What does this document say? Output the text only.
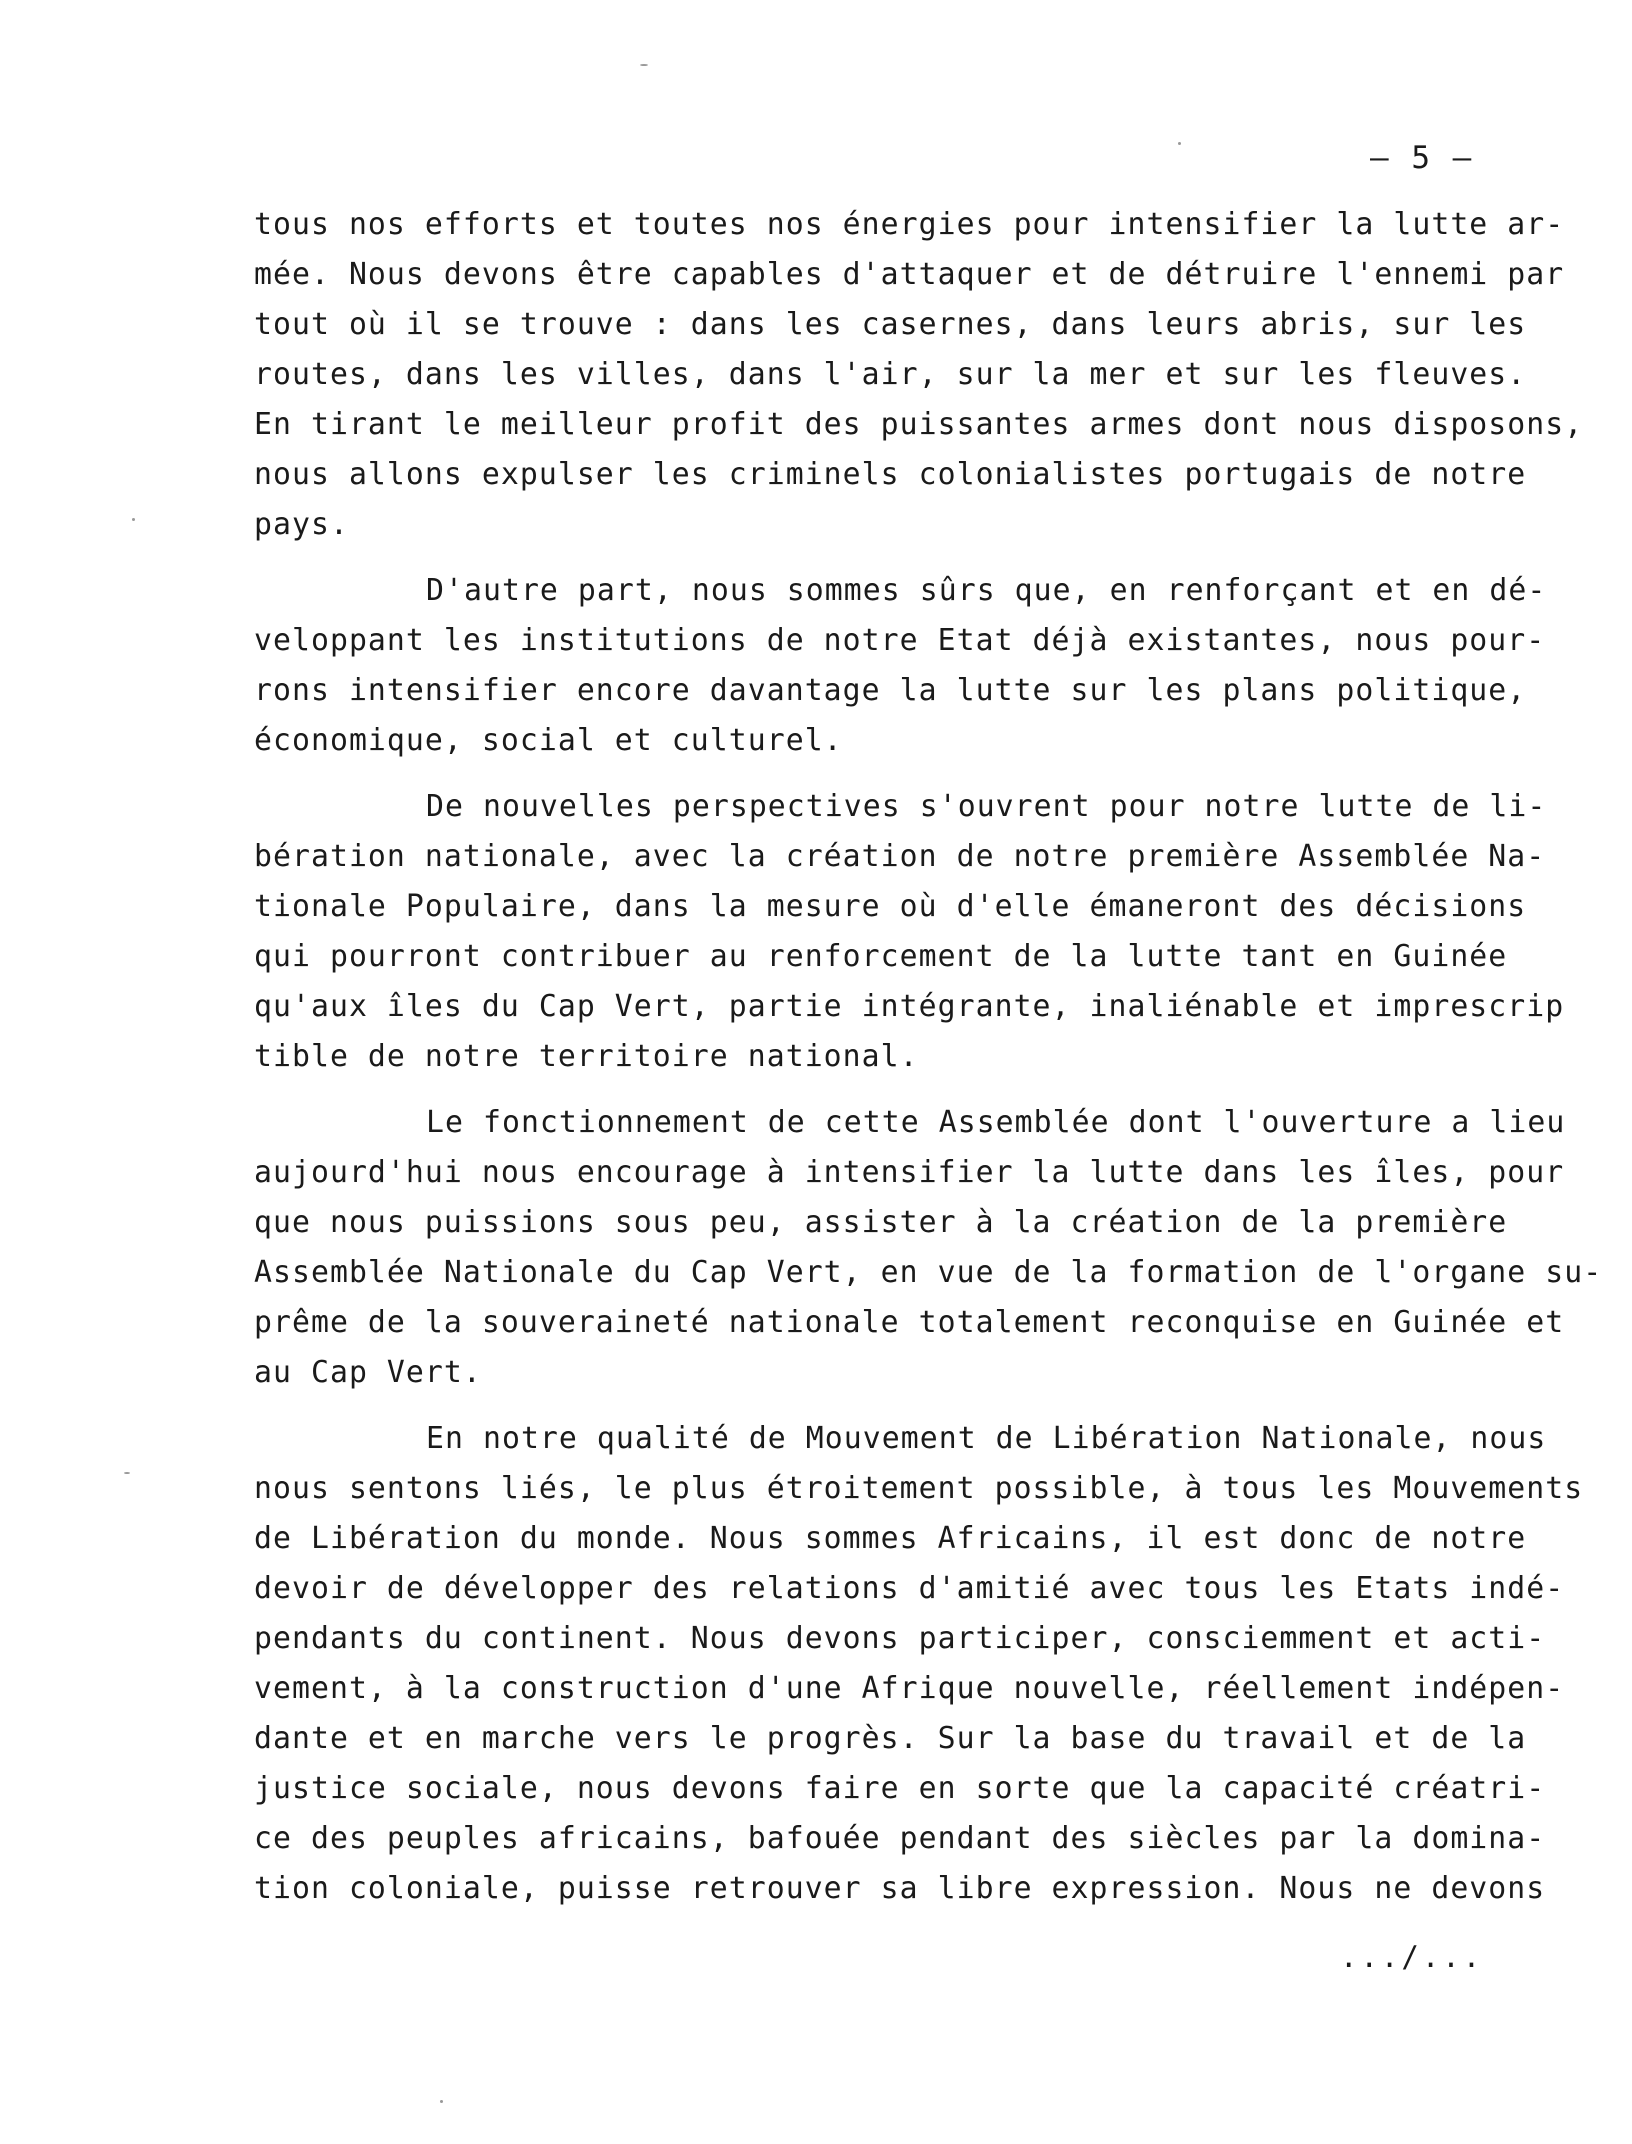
– 5 –
tous nos efforts et toutes nos énergies pour intensifier la lutte ar-
mée. Nous devons être capables d'attaquer et de détruire l'ennemi par
tout où il se trouve : dans les casernes, dans leurs abris, sur les
routes, dans les villes, dans l'air, sur la mer et sur les fleuves.
En tirant le meilleur profit des puissantes armes dont nous disposons,
nous allons expulser les criminels colonialistes portugais de notre
pays.
D'autre part, nous sommes sûrs que, en renforçant et en dé-
veloppant les institutions de notre Etat déjà existantes, nous pour-
rons intensifier encore davantage la lutte sur les plans politique,
économique, social et culturel.
De nouvelles perspectives s'ouvrent pour notre lutte de li-
bération nationale, avec la création de notre première Assemblée Na-
tionale Populaire, dans la mesure où d'elle émaneront des décisions
qui pourront contribuer au renforcement de la lutte tant en Guinée
qu'aux îles du Cap Vert, partie intégrante, inaliénable et imprescrip
tible de notre territoire national.
Le fonctionnement de cette Assemblée dont l'ouverture a lieu
aujourd'hui nous encourage à intensifier la lutte dans les îles, pour
que nous puissions sous peu, assister à la création de la première
Assemblée Nationale du Cap Vert, en vue de la formation de l'organe su-
prême de la souveraineté nationale totalement reconquise en Guinée et
au Cap Vert.
En notre qualité de Mouvement de Libération Nationale, nous
nous sentons liés, le plus étroitement possible, à tous les Mouvements
de Libération du monde. Nous sommes Africains, il est donc de notre
devoir de développer des relations d'amitié avec tous les Etats indé-
pendants du continent. Nous devons participer, consciemment et acti-
vement, à la construction d'une Afrique nouvelle, réellement indépen-
dante et en marche vers le progrès. Sur la base du travail et de la
justice sociale, nous devons faire en sorte que la capacité créatri-
ce des peuples africains, bafouée pendant des siècles par la domina-
tion coloniale, puisse retrouver sa libre expression. Nous ne devons
.../...
